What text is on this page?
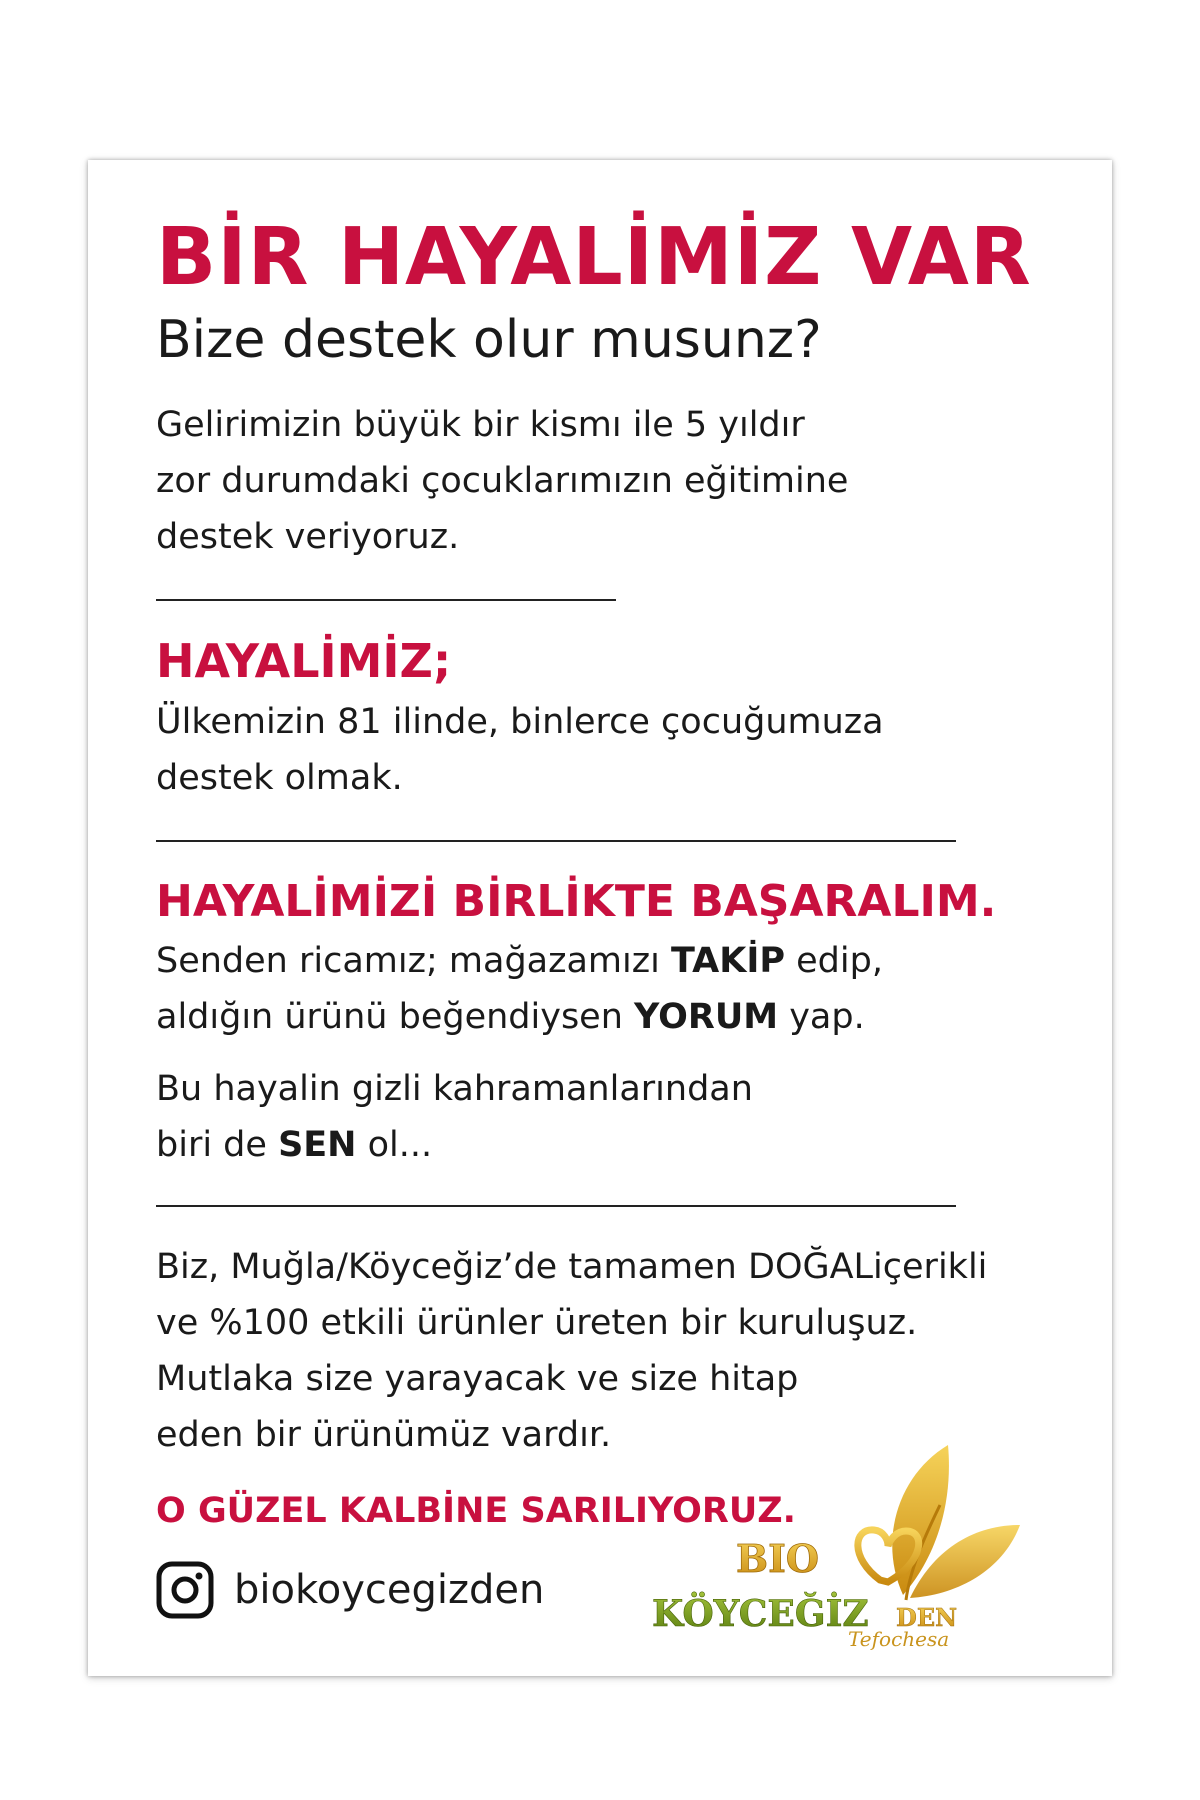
BİR HAYALİMİZ VAR

Bize destek olur musunz?

Gelirimizin büyük bir kismı ile 5 yıldır
zor durumdaki çocuklarımızın eğitimine
destek veriyoruz.

HAYALİMİZ;

Ülkemizin 81 ilinde, binlerce çocuğumuza
destek olmak.

HAYALİMİZİ BİRLİKTE BAŞARALIM.

Senden ricamız; mağazamızı TAKİP edip,
aldığın ürünü beğendiysen YORUM yap.

Bu hayalin gizli kahramanlarından
biri de SEN ol...

Biz, Muğla/Köyceğiz’de tamamen DOĞALiçerikli
ve %100 etkili ürünler üreten bir kuruluşuz.
Mutlaka size yarayacak ve size hitap
eden bir ürünümüz vardır.

O GÜZEL KALBİNE SARILIYORUZ.

biokoycegizden
BIO
KÖYCEĞİZ DEN
Tefochesa
